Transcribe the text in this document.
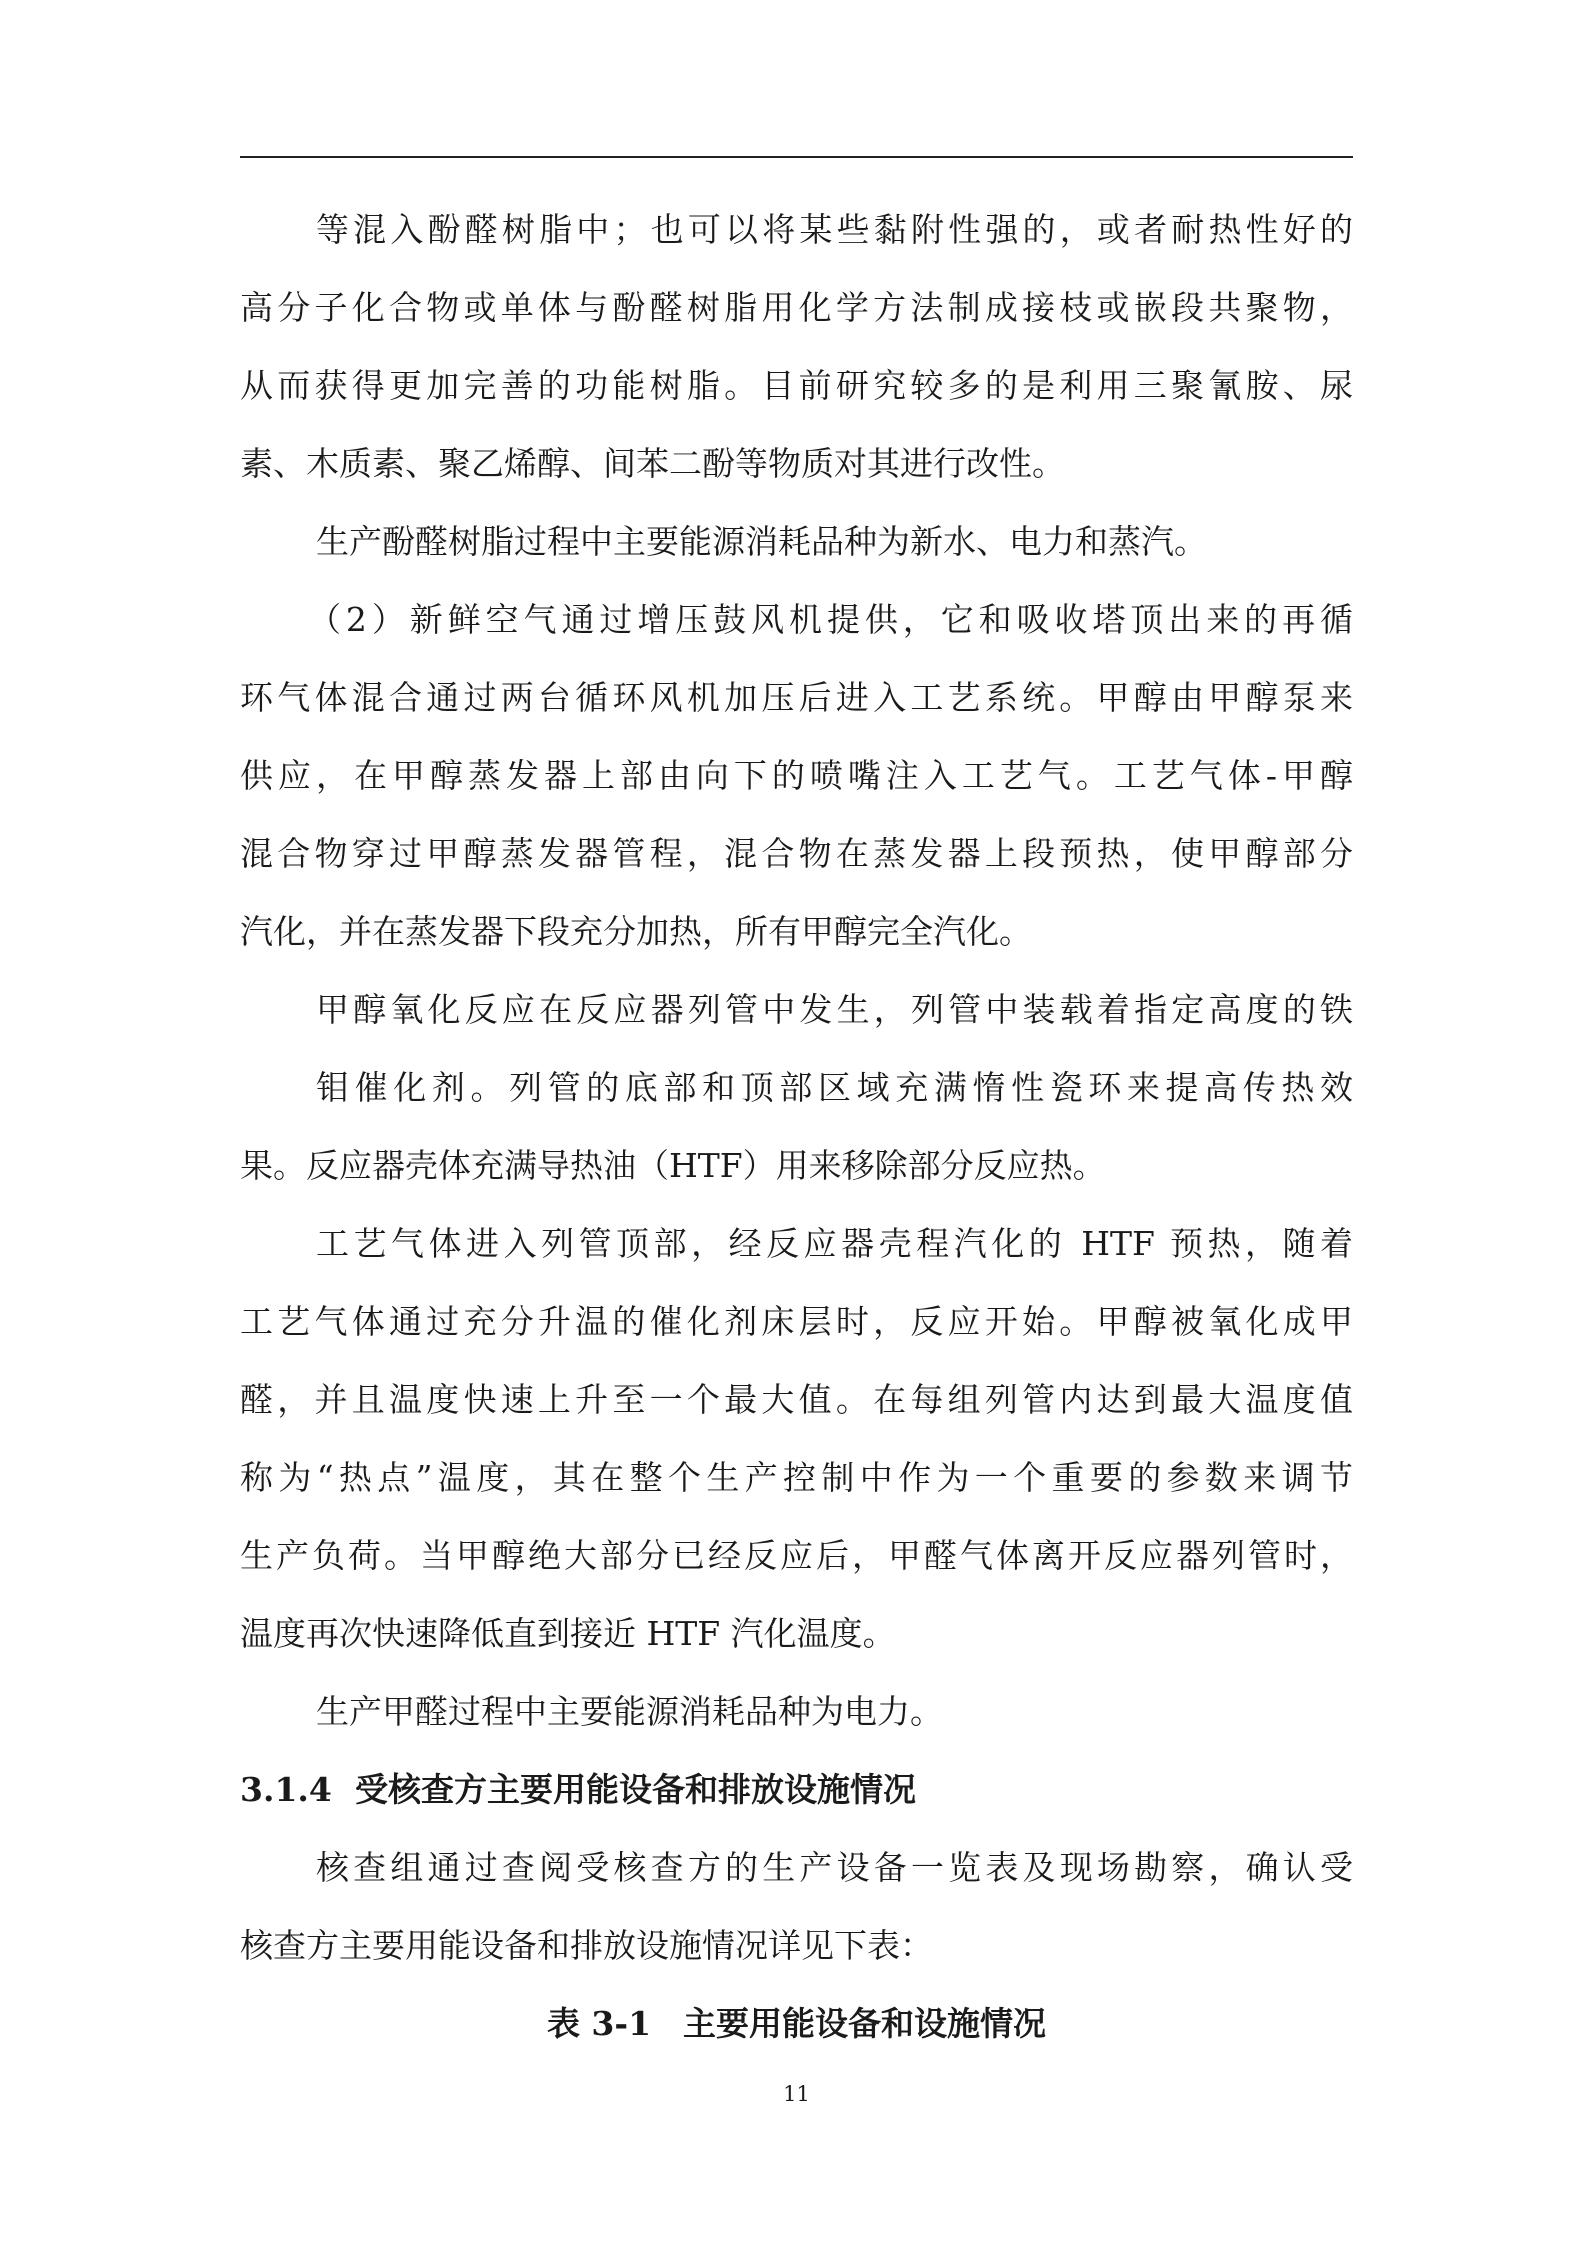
等混入酚醛树脂中；也可以将某些黏附性强的，或者耐热性好的
高分子化合物或单体与酚醛树脂用化学方法制成接枝或嵌段共聚物，
从而获得更加完善的功能树脂。目前研究较多的是利用三聚氰胺、尿
素、木质素、聚乙烯醇、间苯二酚等物质对其进行改性。
生产酚醛树脂过程中主要能源消耗品种为新水、电力和蒸汽。
（2）新鲜空气通过增压鼓风机提供，它和吸收塔顶出来的再循
环气体混合通过两台循环风机加压后进入工艺系统。甲醇由甲醇泵来
供应，在甲醇蒸发器上部由向下的喷嘴注入工艺气。工艺气体-甲醇
混合物穿过甲醇蒸发器管程，混合物在蒸发器上段预热，使甲醇部分
汽化，并在蒸发器下段充分加热，所有甲醇完全汽化。
甲醇氧化反应在反应器列管中发生，列管中装载着指定高度的铁
钼催化剂。列管的底部和顶部区域充满惰性瓷环来提高传热效
果。反应器壳体充满导热油（HTF）用来移除部分反应热。
工艺气体进入列管顶部，经反应器壳程汽化的 HTF 预热，随着
工艺气体通过充分升温的催化剂床层时，反应开始。甲醇被氧化成甲
醛，并且温度快速上升至一个最大值。在每组列管内达到最大温度值
称为“热点”温度，其在整个生产控制中作为一个重要的参数来调节
生产负荷。当甲醇绝大部分已经反应后，甲醛气体离开反应器列管时，
温度再次快速降低直到接近 HTF 汽化温度。
生产甲醛过程中主要能源消耗品种为电力。
3.1.4 受核查方主要用能设备和排放设施情况
核查组通过查阅受核查方的生产设备一览表及现场勘察，确认受
核查方主要用能设备和排放设施情况详见下表：
表 3-1 主要用能设备和设施情况
11
